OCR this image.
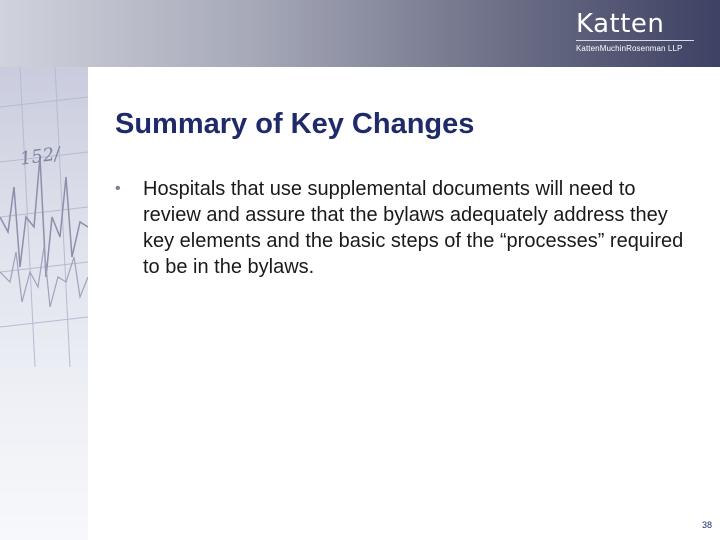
Katten
KattenMuchinRosenman LLP
152/
Summary of Key Changes
• Hospitals that use supplemental documents will need to review and assure that the bylaws adequately address they key elements and the basic steps of the “processes” required to be in the bylaws.
38
